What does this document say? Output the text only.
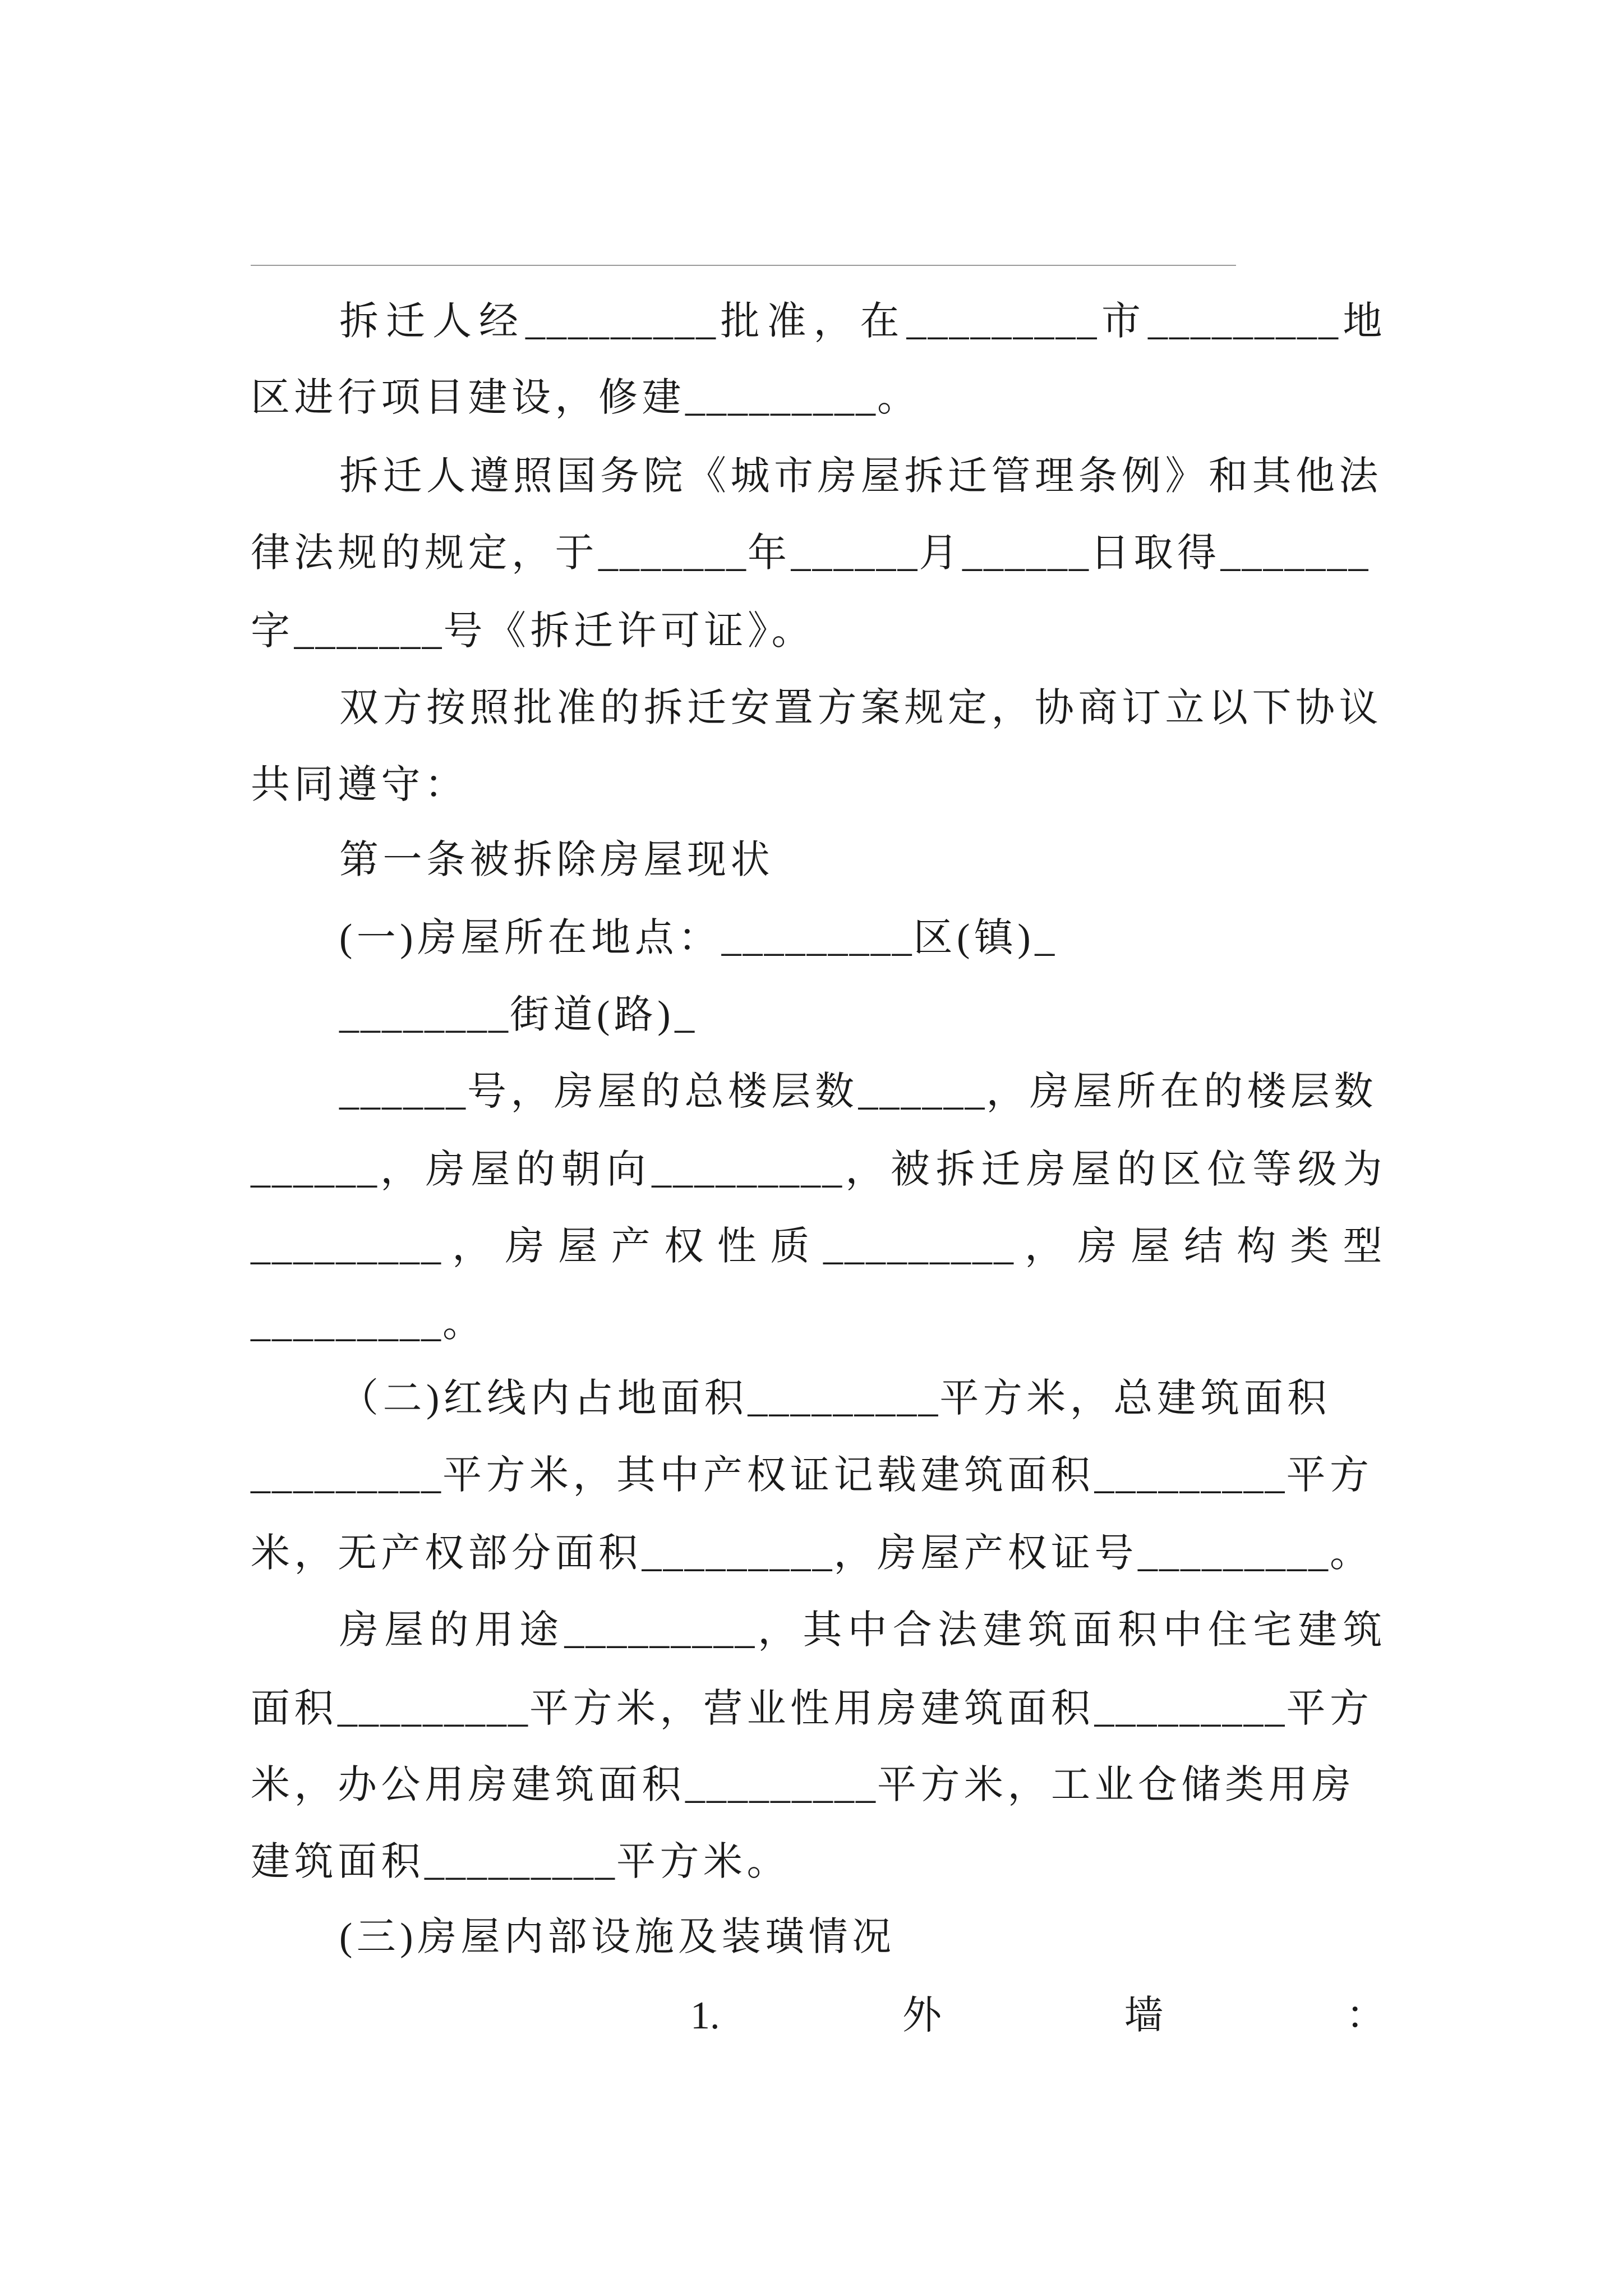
拆迁人经_________批准，在_________市_________地
区进行项目建设，修建_________。
拆迁人遵照国务院《城市房屋拆迁管理条例》和其他法
律法规的规定，于_______年______月______日取得_______
字_______号《拆迁许可证》。
双方按照批准的拆迁安置方案规定，协商订立以下协议
共同遵守：
第一条被拆除房屋现状
(一)房屋所在地点：_________区(镇)_
________街道(路)_
______号，房屋的总楼层数______，房屋所在的楼层数
______，房屋的朝向_________，被拆迁房屋的区位等级为
_________，房屋产权性质_________，房屋结构类型
_________。
（二)红线内占地面积_________平方米，总建筑面积
_________平方米，其中产权证记载建筑面积_________平方
米，无产权部分面积_________，房屋产权证号_________。
房屋的用途_________，其中合法建筑面积中住宅建筑
面积_________平方米，营业性用房建筑面积_________平方
米，办公用房建筑面积_________平方米，工业仓储类用房
建筑面积_________平方米。
(三)房屋内部设施及装璜情况
1.	外	墙	：
